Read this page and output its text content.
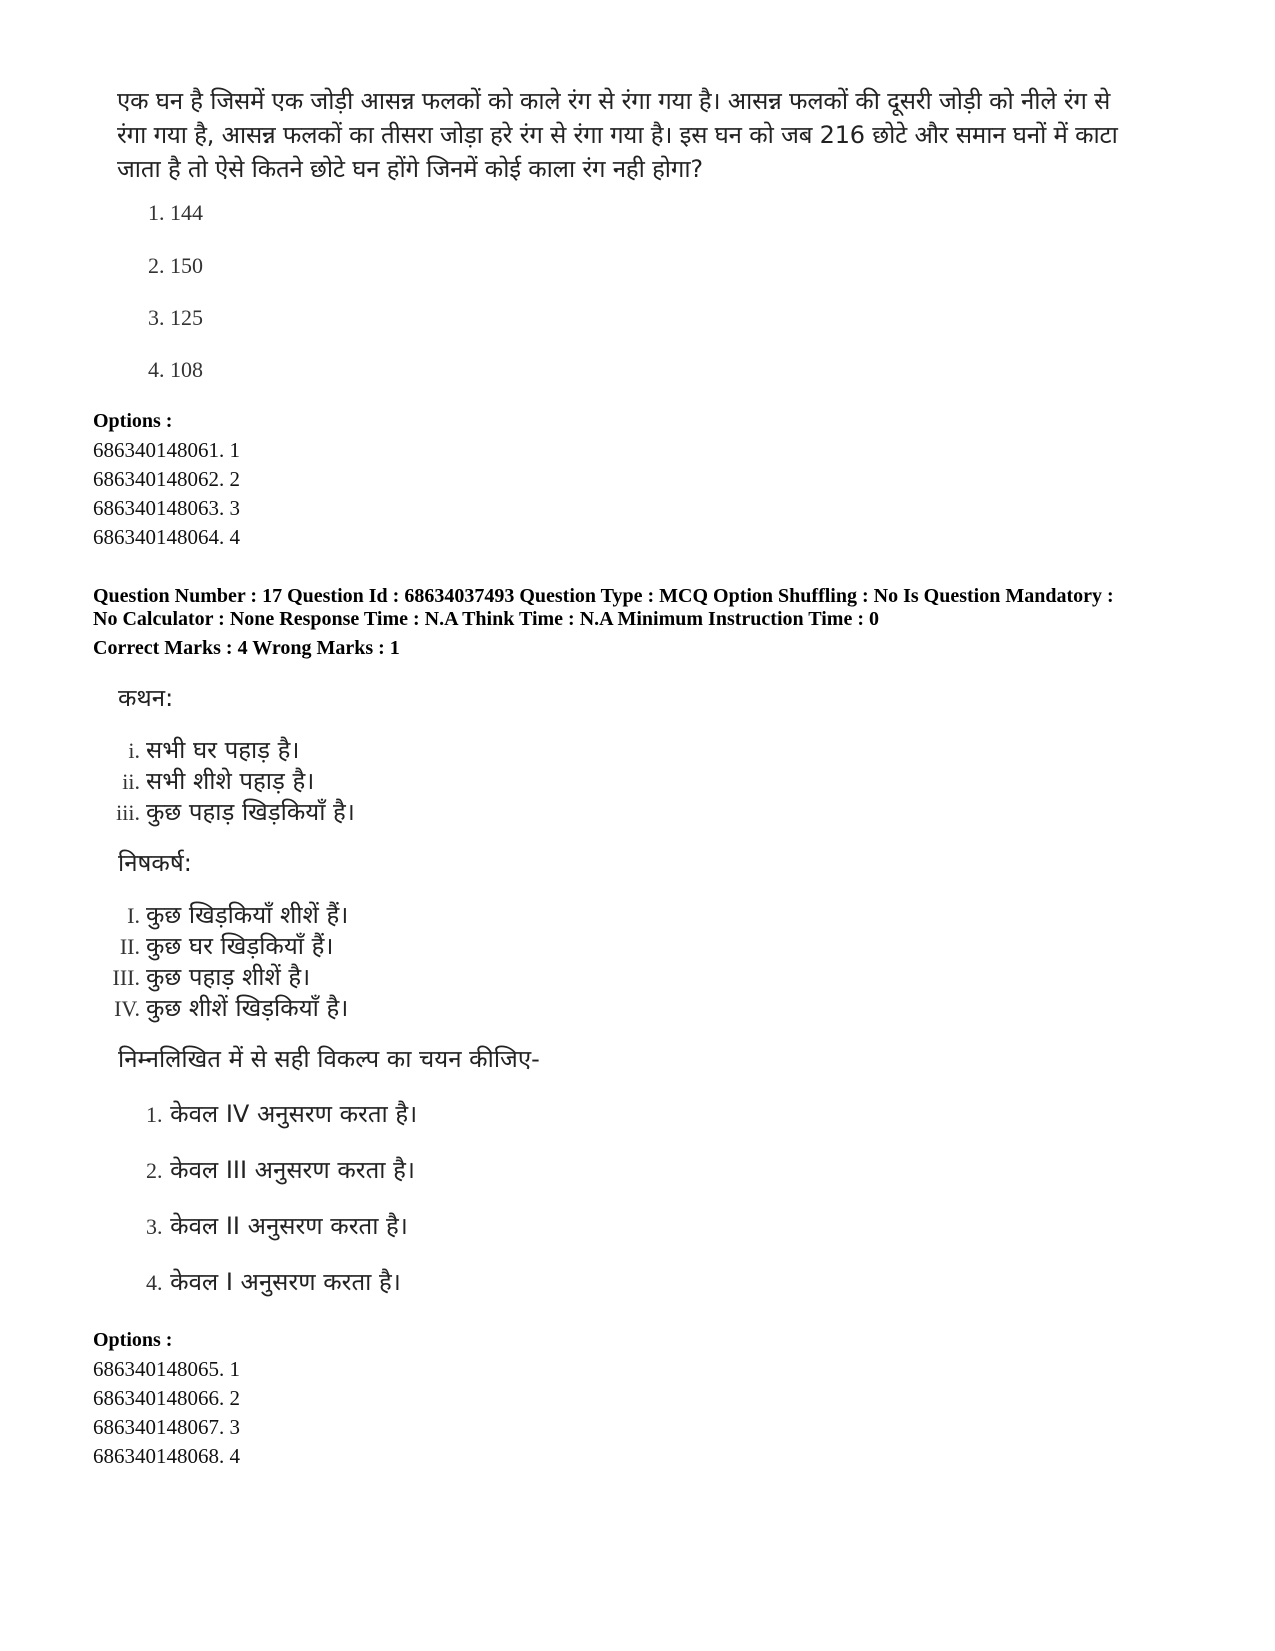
एक घन है जिसमें एक जोड़ी आसन्न फलकों को काले रंग से रंगा गया है। आसन्न फलकों की दूसरी जोड़ी को नीले रंग से
रंगा गया है, आसन्न फलकों का तीसरा जोड़ा हरे रंग से रंगा गया है। इस घन को जब 216 छोटे और समान घनों में काटा
जाता है तो ऐसे कितने छोटे घन होंगे जिनमें कोई काला रंग नही होगा?
1. 144
2. 150
3. 125
4. 108
Options :
686340148061. 1
686340148062. 2
686340148063. 3
686340148064. 4
Question Number : 17 Question Id : 68634037493 Question Type : MCQ Option Shuffling : No Is Question Mandatory :
No Calculator : None Response Time : N.A Think Time : N.A Minimum Instruction Time : 0
Correct Marks : 4 Wrong Marks : 1
कथन:
i. सभी घर पहाड़ है।
ii. सभी शीशे पहाड़ है।
iii. कुछ पहाड़ खिड़कियाँ है।
निषकर्ष:
I. कुछ खिड़कियाँ शीशें हैं।
II. कुछ घर खिड़कियाँ हैं।
III. कुछ पहाड़ शीशें है।
IV. कुछ शीशें खिड़कियाँ है।
निम्नलिखित में से सही विकल्प का चयन कीजिए-
1. केवल IV अनुसरण करता है।
2. केवल III अनुसरण करता है।
3. केवल II अनुसरण करता है।
4. केवल I अनुसरण करता है।
Options :
686340148065. 1
686340148066. 2
686340148067. 3
686340148068. 4
